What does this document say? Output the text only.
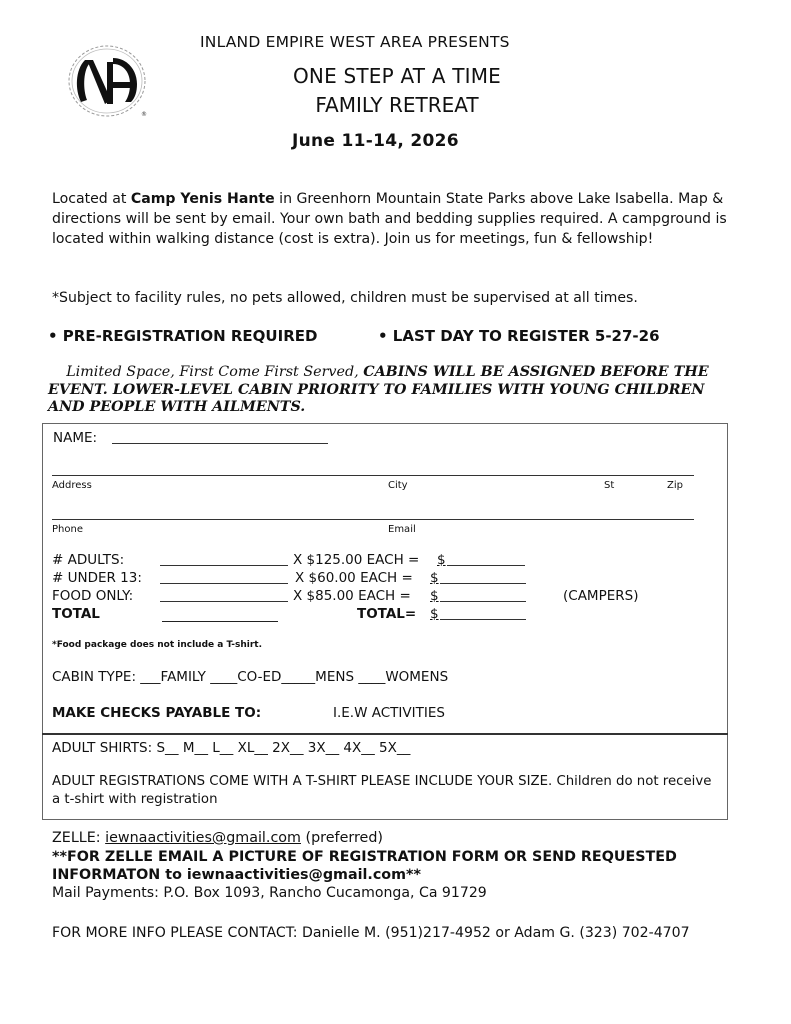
®
INLAND EMPIRE WEST AREA PRESENTS
ONE STEP AT A TIME
FAMILY RETREAT
June 11-14, 2026
Located at Camp Yenis Hante in Greenhorn Mountain State Parks above Lake Isabella. Map & directions will be sent by email. Your own bath and bedding supplies required. A campground is located within walking distance (cost is extra). Join us for meetings, fun & fellowship!
*Subject to facility rules, no pets allowed, children must be supervised at all times.
• PRE-REGISTRATION REQUIRED	• LAST DAY TO REGISTER 5-27-26
Limited Space, First Come First Served, CABINS WILL BE ASSIGNED BEFORE THE EVENT. LOWER-LEVEL CABIN PRIORITY TO FAMILIES WITH YOUNG CHILDREN AND PEOPLE WITH AILMENTS.
NAME:
Address	City	St	Zip
Phone	Email
# ADULTS:	X $125.00 EACH = $
# UNDER 13:	X $60.00 EACH = $
FOOD ONLY:	X $85.00 EACH = $	(CAMPERS)
TOTAL	TOTAL= $
*Food package does not include a T-shirt.
CABIN TYPE: ___FAMILY ____CO-ED_____MENS ____WOMENS
MAKE CHECKS PAYABLE TO:	I.E.W ACTIVITIES
ADULT SHIRTS: S__ M__ L__ XL__ 2X__ 3X__ 4X__ 5X__
ADULT REGISTRATIONS COME WITH A T-SHIRT PLEASE INCLUDE YOUR SIZE. Children do not receive a t-shirt with registration
ZELLE: iewnaactivities@gmail.com (preferred)
**FOR ZELLE EMAIL A PICTURE OF REGISTRATION FORM OR SEND REQUESTED INFORMATON to iewnaactivities@gmail.com**
Mail Payments: P.O. Box 1093, Rancho Cucamonga, Ca 91729
FOR MORE INFO PLEASE CONTACT: Danielle M. (951)217-4952 or Adam G. (323) 702-4707
